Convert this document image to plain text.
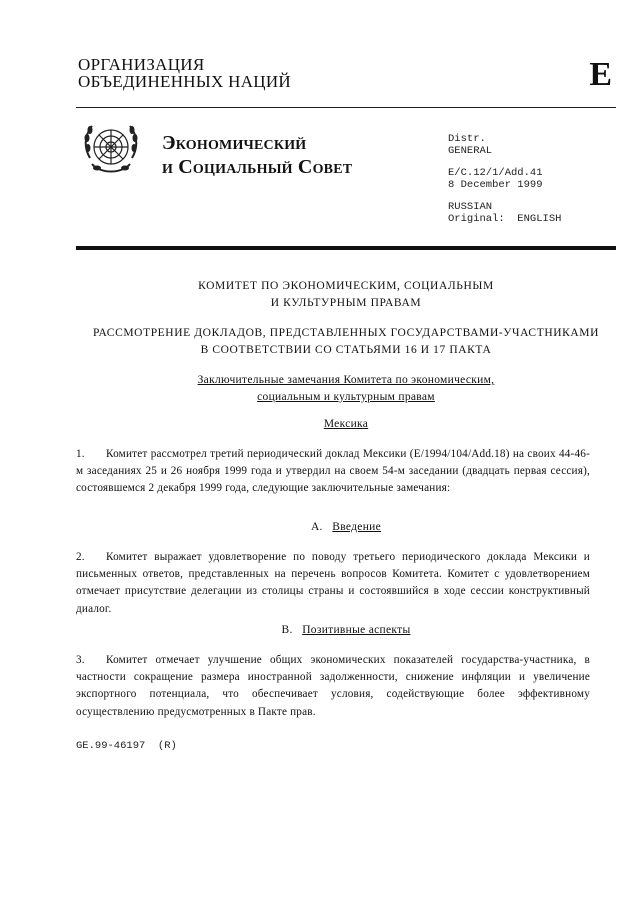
ОРГАНИЗАЦИЯ
ОБЪЕДИНЕННЫХ НАЦИЙ	E
Экономический
и Социальный Совет
Distr.
GENERAL
E/C.12/1/Add.41
8 December 1999
RUSSIAN
Original:  ENGLISH
КОМИТЕТ ПО ЭКОНОМИЧЕСКИМ, СОЦИАЛЬНЫМ
И КУЛЬТУРНЫМ ПРАВАМ
РАССМОТРЕНИЕ ДОКЛАДОВ, ПРЕДСТАВЛЕННЫХ ГОСУДАРСТВАМИ-УЧАСТНИКАМИ
В СООТВЕТСТВИИ СО СТАТЬЯМИ 16 И 17 ПАКТА
Заключительные замечания Комитета по экономическим,
социальным и культурным правам
Мексика
1. Комитет рассмотрел третий периодический доклад Мексики (E/1994/104/Add.18) на своих 44-46-м заседаниях 25 и 26 ноября 1999 года и утвердил на своем 54-м заседании (двадцать первая сессия), состоявшемся 2 декабря 1999 года, следующие заключительные замечания:
A. Введение
2. Комитет выражает удовлетворение по поводу третьего периодического доклада Мексики и письменных ответов, представленных на перечень вопросов Комитета. Комитет с удовлетворением отмечает присутствие делегации из столицы страны и состоявшийся в ходе сессии конструктивный диалог.
B. Позитивные аспекты
3. Комитет отмечает улучшение общих экономических показателей государства-участника, в частности сокращение размера иностранной задолженности, снижение инфляции и увеличение экспортного потенциала, что обеспечивает условия, содействующие более эффективному осуществлению предусмотренных в Пакте прав.
GE.99-46197  (R)
